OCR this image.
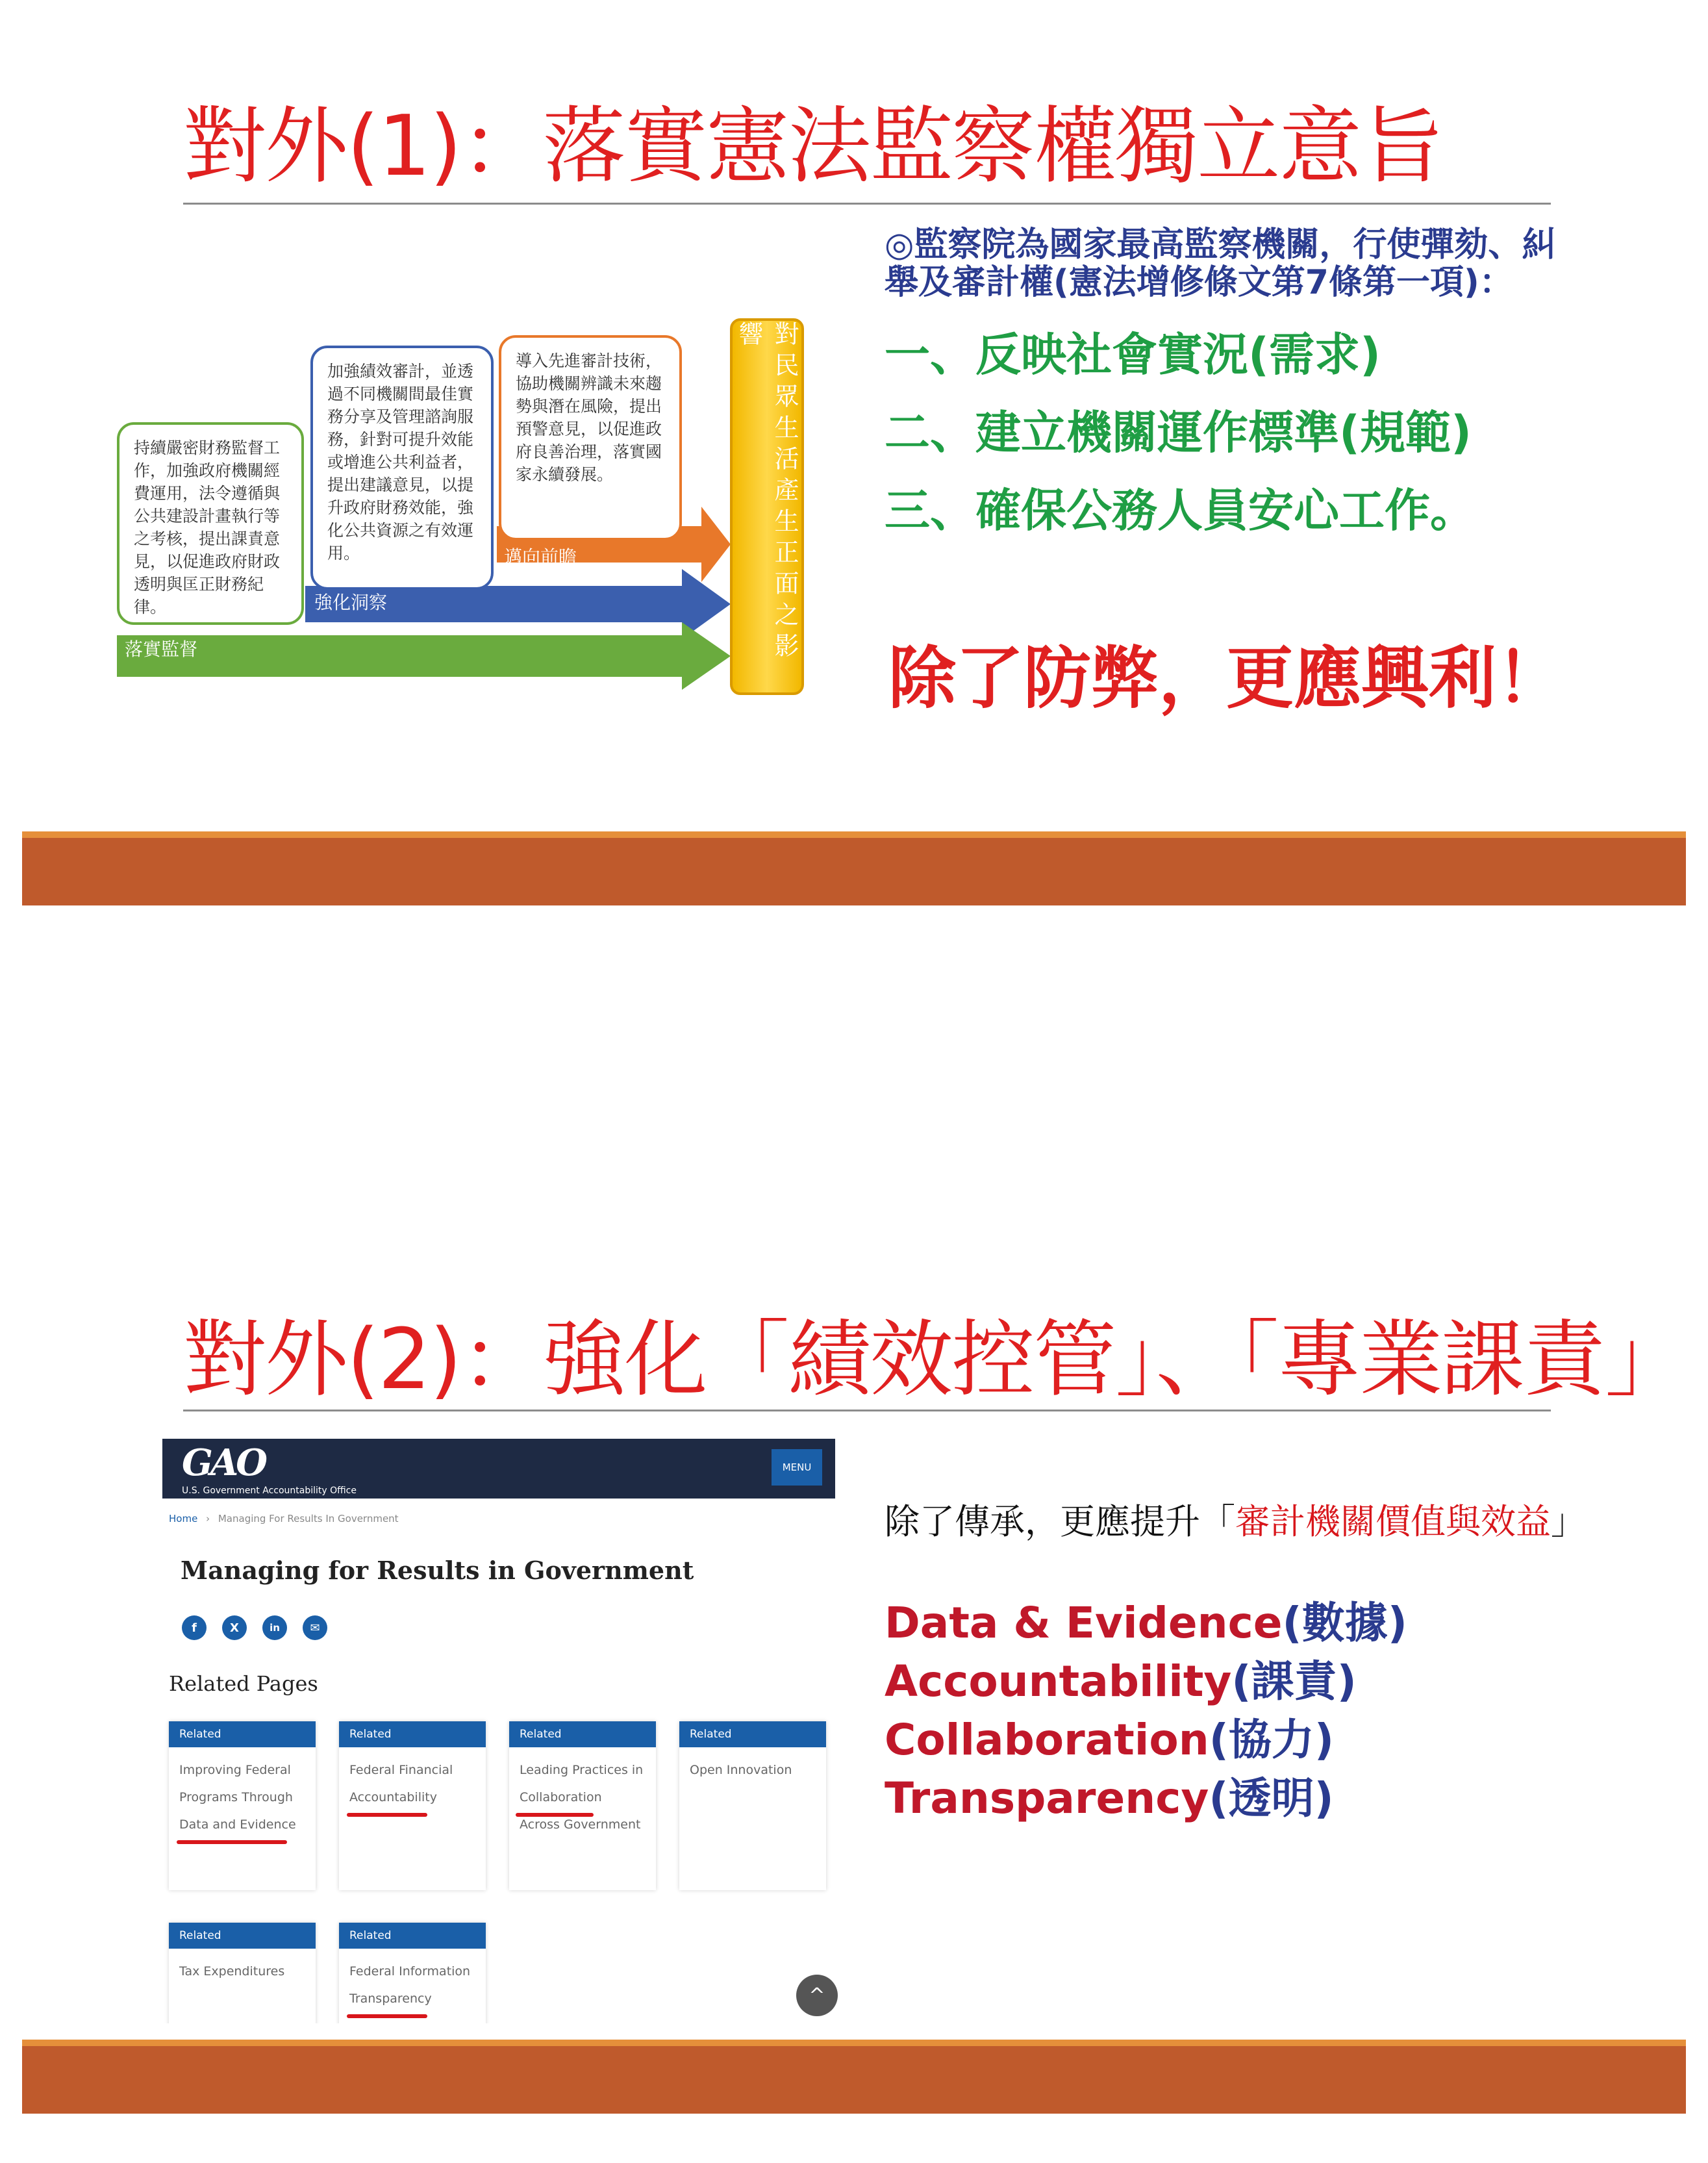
對外(1)：落實憲法監察權獨立意旨
邁向前瞻
強化洞察
落實監督
持續嚴密財務監督工作，加強政府機關經費運用，法令遵循與公共建設計畫執行等之考核，提出課責意見，以促進政府財政透明與匡正財務紀律。
加強績效審計，並透過不同機關間最佳實務分享及管理諮詢服務，針對可提升效能或增進公共利益者，提出建議意見，以提升政府財務效能，強化公共資源之有效運用。
導入先進審計技術，協助機關辨識未來趨勢與潛在風險，提出預警意見，以促進政府良善治理，落實國家永續發展。	對民眾生活產生正面之影響
◎監察院為國家最高監察機關，行使彈劾、糾舉及審計權(憲法增修條文第7條第一項)：
一、反映社會實況(需求)
二、建立機關運作標準(規範)
三、確保公務人員安心工作。
除了防弊，更應興利！
對外(2)：強化「績效控管」、「專業課責」
GAO
U.S. Government Accountability Office
MENU
Home › Managing For Results In Government
Managing for Results in Government
f	X	in	✉
Related Pages
Related
Improving Federal Programs Through Data and Evidence
Related
Federal Financial Accountability
Related
Leading Practices in Collaboration Across Government
Related
Open Innovation
Related
Tax Expenditures
Related
Federal Information Transparency	^
除了傳承，更應提升「審計機關價值與效益」
Data & Evidence(數據)
Accountability(課責)
Collaboration(協力)
Transparency(透明)
